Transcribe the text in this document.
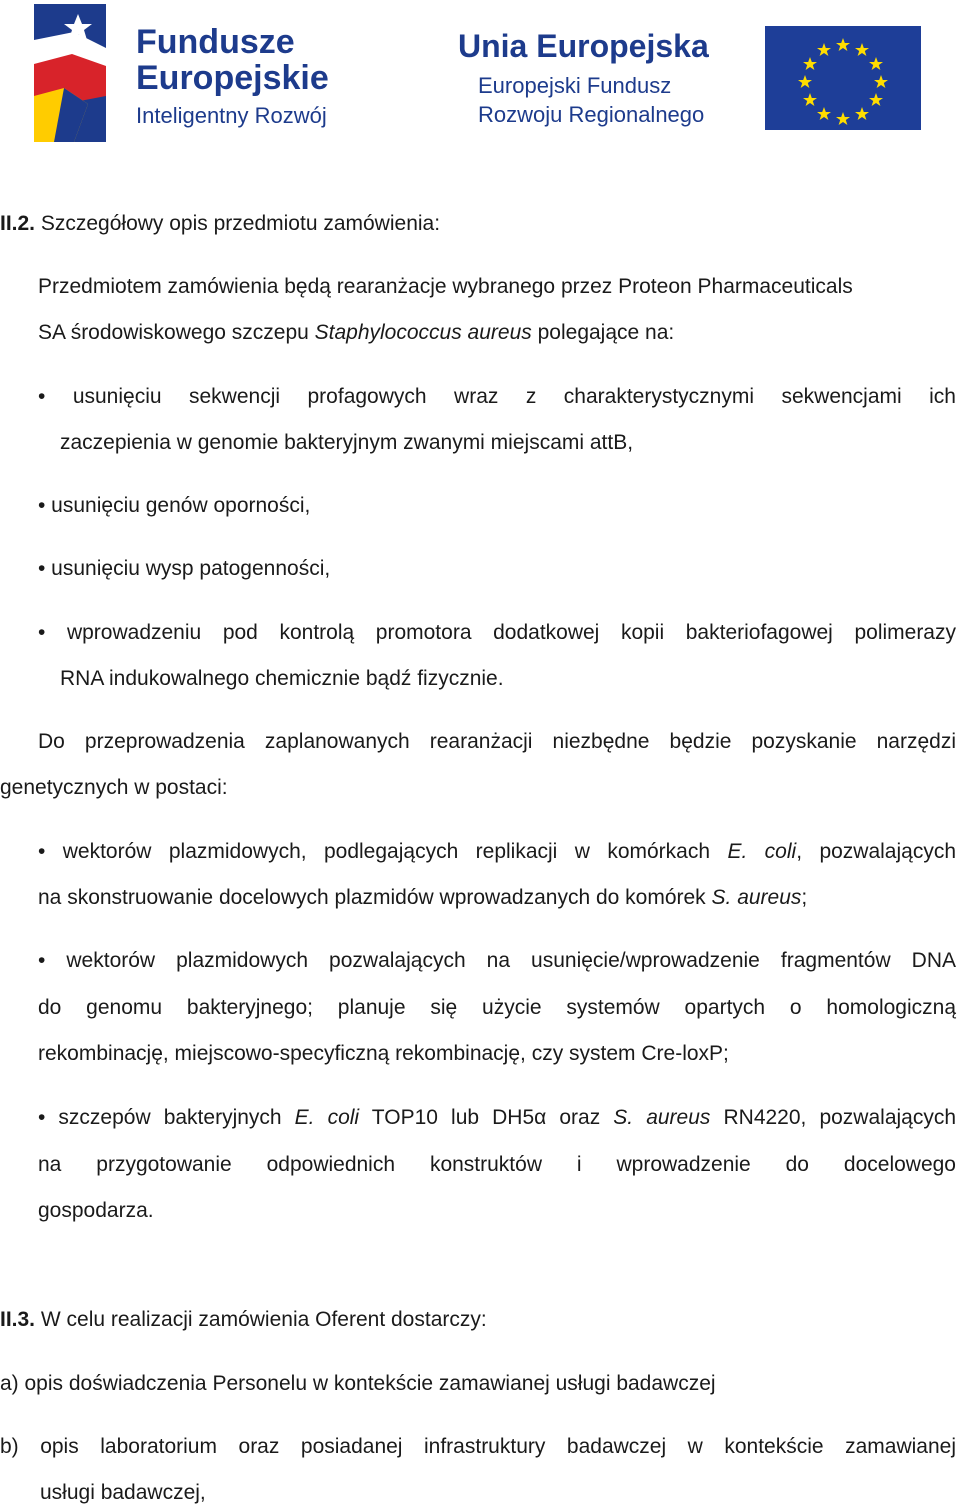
Fundusze
Europejskie
Inteligentny Rozwój
Unia Europejska
Europejski Fundusz
Rozwoju Regionalnego
II.2. Szczegółowy opis przedmiotu zamówienia:
Przedmiotem zamówienia będą rearanżacje wybranego przez Proteon Pharmaceuticals
SA środowiskowego szczepu Staphylococcus aureus polegające na:
• usunięciu sekwencji profagowych wraz z charakterystycznymi sekwencjami ich
zaczepienia w genomie bakteryjnym zwanymi miejscami attB,
• usunięciu genów oporności,
• usunięciu wysp patogenności,
• wprowadzeniu pod kontrolą promotora dodatkowej kopii bakteriofagowej polimerazy
RNA indukowalnego chemicznie bądź fizycznie.
Do przeprowadzenia zaplanowanych rearanżacji niezbędne będzie pozyskanie narzędzi
genetycznych w postaci:
• wektorów plazmidowych, podlegających replikacji w komórkach E. coli, pozwalających
na skonstruowanie docelowych plazmidów wprowadzanych do komórek S. aureus;
• wektorów plazmidowych pozwalających na usunięcie/wprowadzenie fragmentów DNA
do genomu bakteryjnego; planuje się użycie systemów opartych o homologiczną
rekombinację, miejscowo-specyficzną rekombinację, czy system Cre-loxP;
• szczepów bakteryjnych E. coli TOP10 lub DH5α oraz S. aureus RN4220, pozwalających
na przygotowanie odpowiednich konstruktów i wprowadzenie do docelowego
gospodarza.
II.3. W celu realizacji zamówienia Oferent dostarczy:
a) opis doświadczenia Personelu w kontekście zamawianej usługi badawczej
b) opis laboratorium oraz posiadanej infrastruktury badawczej w kontekście zamawianej
usługi badawczej,
